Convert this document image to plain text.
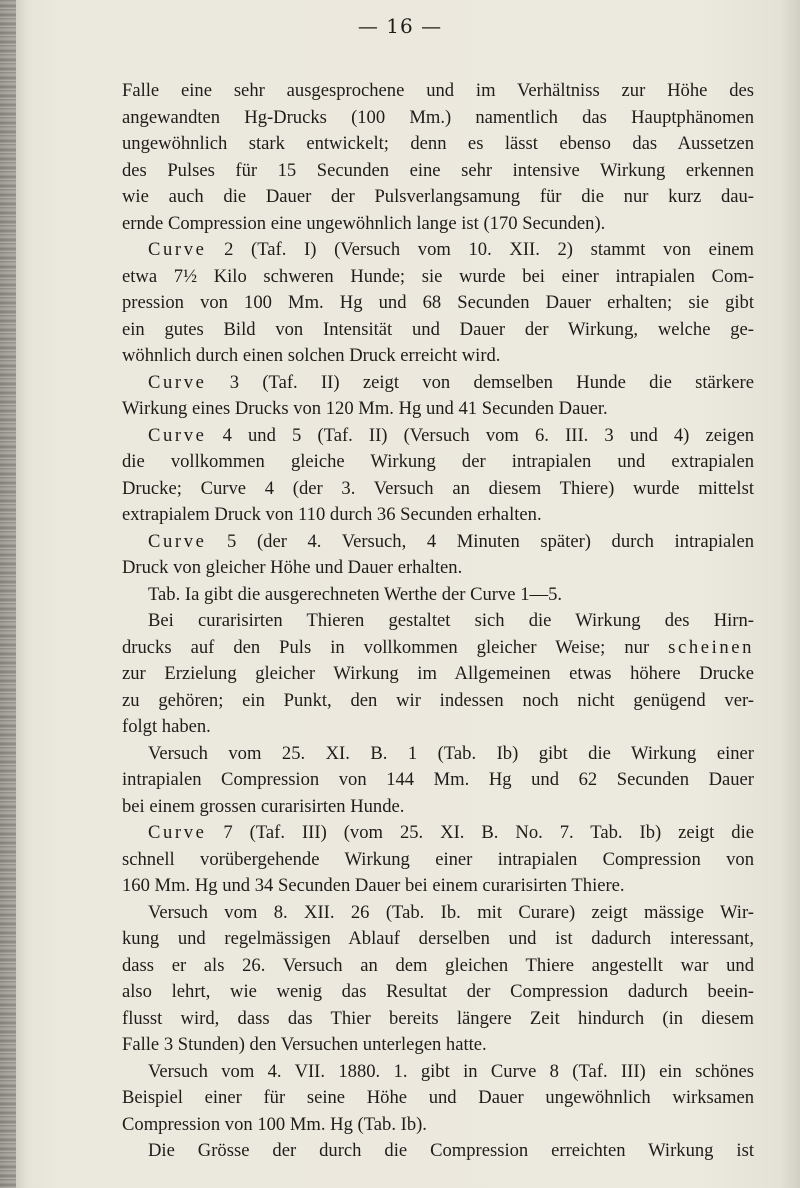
— 16 —
Falle eine sehr ausgesprochene und im Verhältniss zur Höhe des
angewandten Hg-Drucks (100 Mm.) namentlich das Hauptphänomen
ungewöhnlich stark entwickelt; denn es lässt ebenso das Aussetzen
des Pulses für 15 Secunden eine sehr intensive Wirkung erkennen
wie auch die Dauer der Pulsverlangsamung für die nur kurz dau-
ernde Compression eine ungewöhnlich lange ist (170 Secunden).
Curve 2 (Taf. I) (Versuch vom 10. XII. 2) stammt von einem
etwa 7½ Kilo schweren Hunde; sie wurde bei einer intrapialen Com-
pression von 100 Mm. Hg und 68 Secunden Dauer erhalten; sie gibt
ein gutes Bild von Intensität und Dauer der Wirkung, welche ge-
wöhnlich durch einen solchen Druck erreicht wird.
Curve 3 (Taf. II) zeigt von demselben Hunde die stärkere
Wirkung eines Drucks von 120 Mm. Hg und 41 Secunden Dauer.
Curve 4 und 5 (Taf. II) (Versuch vom 6. III. 3 und 4) zeigen
die vollkommen gleiche Wirkung der intrapialen und extrapialen
Drucke; Curve 4 (der 3. Versuch an diesem Thiere) wurde mittelst
extrapialem Druck von 110 durch 36 Secunden erhalten.
Curve 5 (der 4. Versuch, 4 Minuten später) durch intrapialen
Druck von gleicher Höhe und Dauer erhalten.
Tab. Ia gibt die ausgerechneten Werthe der Curve 1—5.
Bei curarisirten Thieren gestaltet sich die Wirkung des Hirn-
drucks auf den Puls in vollkommen gleicher Weise; nur scheinen
zur Erzielung gleicher Wirkung im Allgemeinen etwas höhere Drucke
zu gehören; ein Punkt, den wir indessen noch nicht genügend ver-
folgt haben.
Versuch vom 25. XI. B. 1 (Tab. Ib) gibt die Wirkung einer
intrapialen Compression von 144 Mm. Hg und 62 Secunden Dauer
bei einem grossen curarisirten Hunde.
Curve 7 (Taf. III) (vom 25. XI. B. No. 7. Tab. Ib) zeigt die
schnell vorübergehende Wirkung einer intrapialen Compression von
160 Mm. Hg und 34 Secunden Dauer bei einem curarisirten Thiere.
Versuch vom 8. XII. 26 (Tab. Ib. mit Curare) zeigt mässige Wir-
kung und regelmässigen Ablauf derselben und ist dadurch interessant,
dass er als 26. Versuch an dem gleichen Thiere angestellt war und
also lehrt, wie wenig das Resultat der Compression dadurch beein-
flusst wird, dass das Thier bereits längere Zeit hindurch (in diesem
Falle 3 Stunden) den Versuchen unterlegen hatte.
Versuch vom 4. VII. 1880. 1. gibt in Curve 8 (Taf. III) ein schönes
Beispiel einer für seine Höhe und Dauer ungewöhnlich wirksamen
Compression von 100 Mm. Hg (Tab. Ib).
Die Grösse der durch die Compression erreichten Wirkung ist
